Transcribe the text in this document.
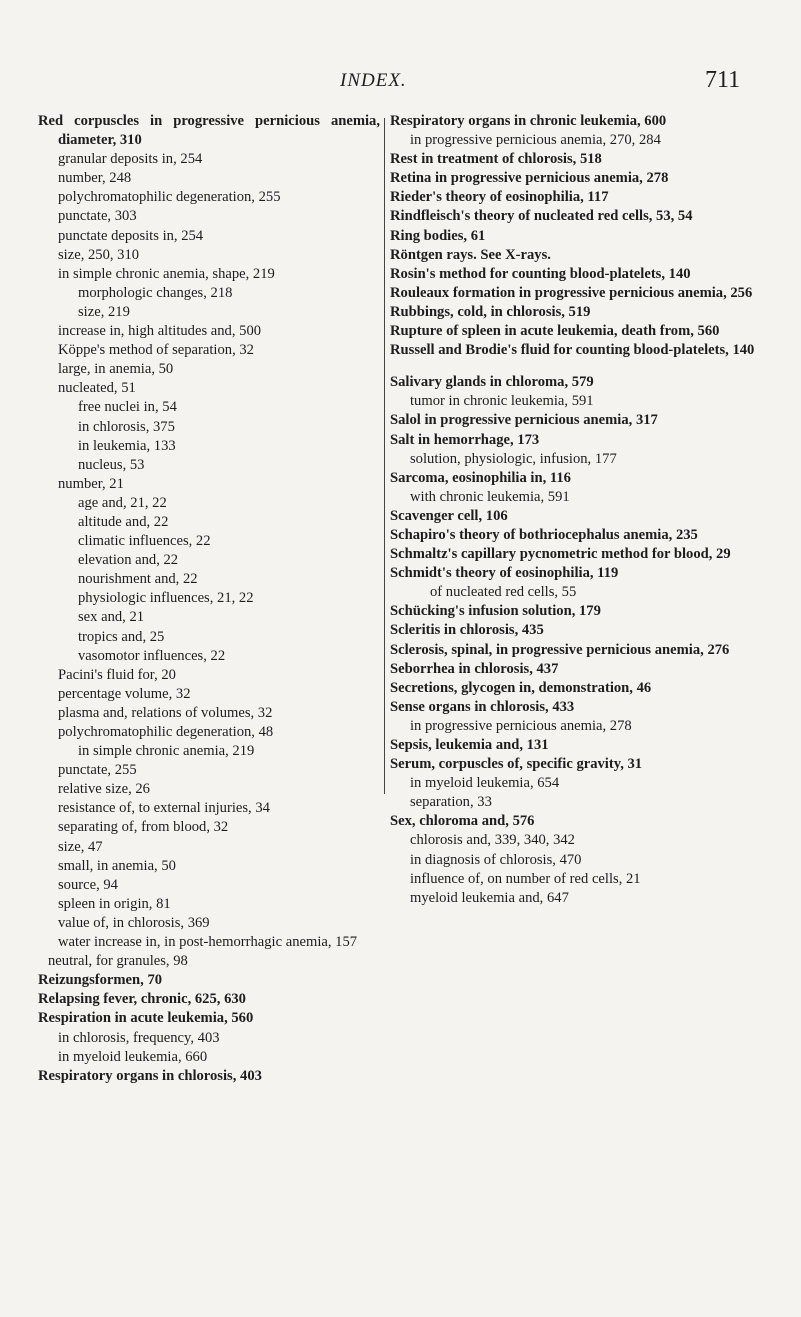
INDEX.	711

Red corpuscles in progressive pernicious anemia, diameter, 310

granular deposits in, 254

number, 248

polychromatophilic degeneration, 255

punctate, 303

punctate deposits in, 254

size, 250, 310

in simple chronic anemia, shape, 219

morphologic changes, 218

size, 219

increase in, high altitudes and, 500

Köppe's method of separation, 32

large, in anemia, 50

nucleated, 51

free nuclei in, 54

in chlorosis, 375

in leukemia, 133

nucleus, 53

number, 21

age and, 21, 22

altitude and, 22

climatic influences, 22

elevation and, 22

nourishment and, 22

physiologic influences, 21, 22

sex and, 21

tropics and, 25

vasomotor influences, 22

Pacini's fluid for, 20

percentage volume, 32

plasma and, relations of volumes, 32

polychromatophilic degeneration, 48

in simple chronic anemia, 219

punctate, 255

relative size, 26

resistance of, to external injuries, 34

separating of, from blood, 32

size, 47

small, in anemia, 50

source, 94

spleen in origin, 81

value of, in chlorosis, 369

water increase in, in post-hemorrhagic anemia, 157

neutral, for granules, 98

Reizungsformen, 70

Relapsing fever, chronic, 625, 630

Respiration in acute leukemia, 560

in chlorosis, frequency, 403

in myeloid leukemia, 660

Respiratory organs in chlorosis, 403

Respiratory organs in chronic leukemia, 600

in progressive pernicious anemia, 270, 284

Rest in treatment of chlorosis, 518

Retina in progressive pernicious anemia, 278

Rieder's theory of eosinophilia, 117

Rindfleisch's theory of nucleated red cells, 53, 54

Ring bodies, 61

Röntgen rays. See X-rays.

Rosin's method for counting blood-platelets, 140

Rouleaux formation in progressive pernicious anemia, 256

Rubbings, cold, in chlorosis, 519

Rupture of spleen in acute leukemia, death from, 560

Russell and Brodie's fluid for counting blood-platelets, 140

Salivary glands in chloroma, 579

tumor in chronic leukemia, 591

Salol in progressive pernicious anemia, 317

Salt in hemorrhage, 173

solution, physiologic, infusion, 177

Sarcoma, eosinophilia in, 116

with chronic leukemia, 591

Scavenger cell, 106

Schapiro's theory of bothriocephalus anemia, 235

Schmaltz's capillary pycnometric method for blood, 29

Schmidt's theory of eosinophilia, 119

of nucleated red cells, 55

Schücking's infusion solution, 179

Scleritis in chlorosis, 435

Sclerosis, spinal, in progressive pernicious anemia, 276

Seborrhea in chlorosis, 437

Secretions, glycogen in, demonstration, 46

Sense organs in chlorosis, 433

in progressive pernicious anemia, 278

Sepsis, leukemia and, 131

Serum, corpuscles of, specific gravity, 31

in myeloid leukemia, 654

separation, 33

Sex, chloroma and, 576

chlorosis and, 339, 340, 342

in diagnosis of chlorosis, 470

influence of, on number of red cells, 21

myeloid leukemia and, 647
